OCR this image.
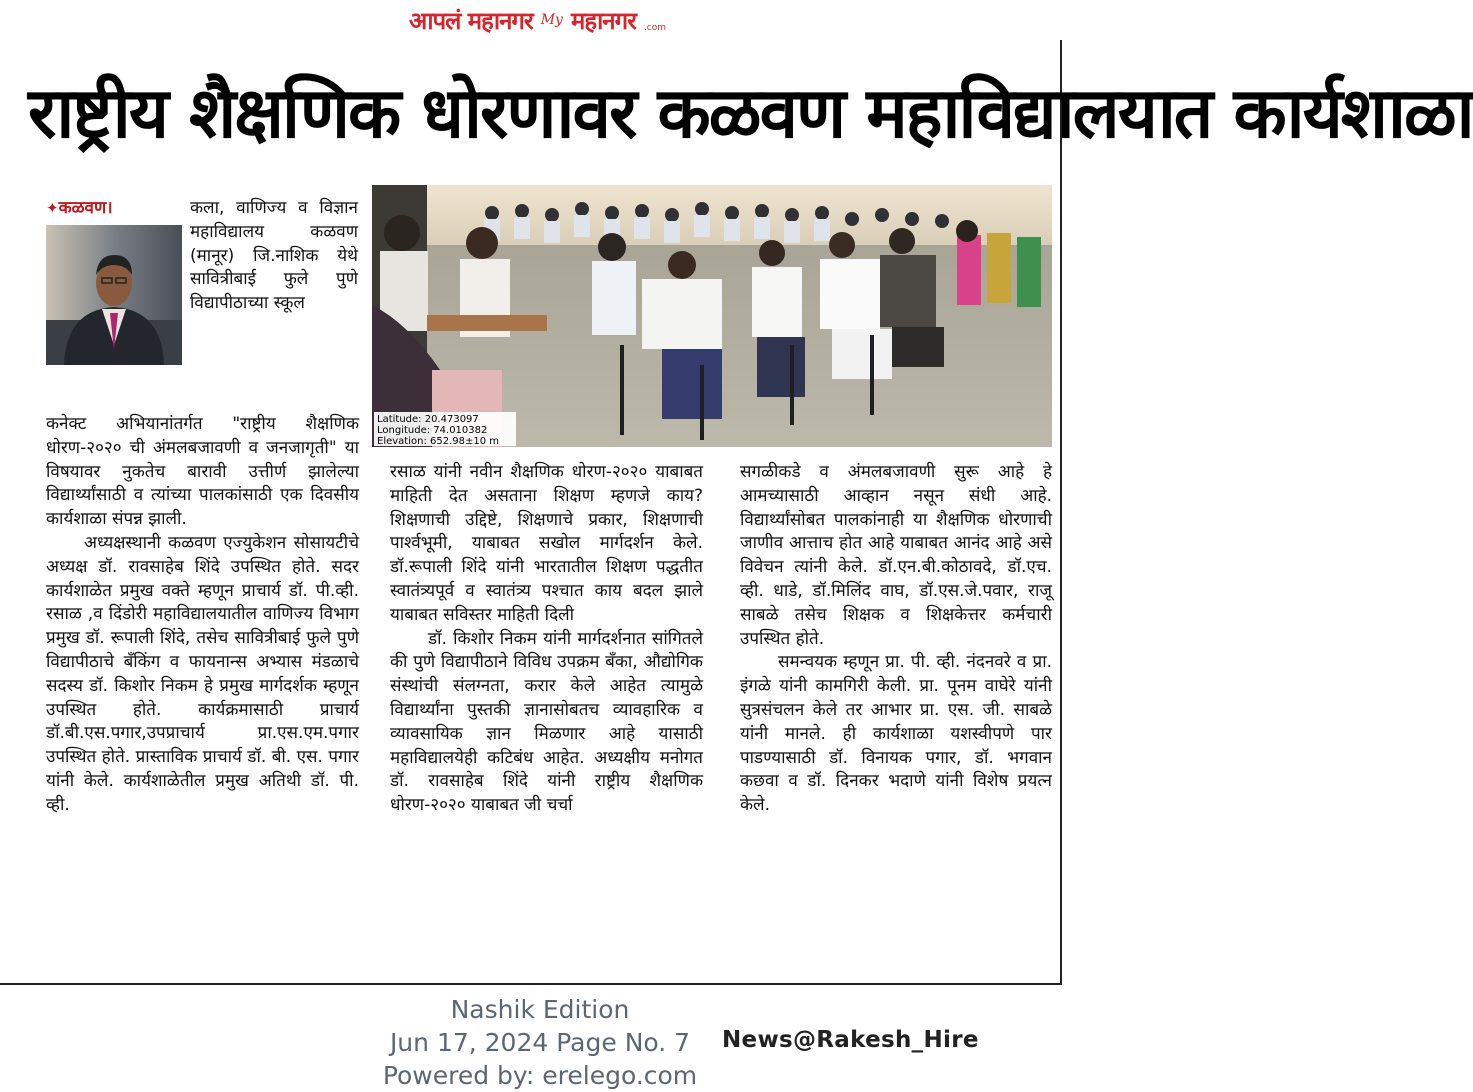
आपलं महानगर My महानगर .com
राष्ट्रीय शैक्षणिक धोरणावर कळवण महाविद्यालयात कार्यशाळा

कला, वाणिज्य व विज्ञान महाविद्यालय कळवण (मानूर) जि.नाशिक येथे सावित्रीबाई फुले पुणे विद्यापीठाच्या स्कूल

✦कळवण।

कनेक्ट अभियानांतर्गत "राष्ट्रीय शैक्षणिक धोरण-२०२० ची अंमलबजावणी व जनजागृती" या विषयावर नुकतेच बारावी उत्तीर्ण झालेल्या विद्यार्थ्यांसाठी व त्यांच्या पालकांसाठी एक दिवसीय कार्यशाळा संपन्न झाली.

अध्यक्षस्थानी कळवण एज्युकेशन सोसायटीचे अध्यक्ष डॉ. रावसाहेब शिंदे उपस्थित होते. सदर कार्यशाळेत प्रमुख वक्ते म्हणून प्राचार्य डॉ. पी.व्ही. रसाळ ,व दिंडोरी महाविद्यालयातील वाणिज्य विभाग प्रमुख डॉ. रूपाली शिंदे, तसेच सावित्रीबाई फुले पुणे विद्यापीठाचे बँकिंग व फायनान्स अभ्यास मंडळाचे सदस्य डॉ. किशोर निकम हे प्रमुख मार्गदर्शक म्हणून उपस्थित होते. कार्यक्रमासाठी प्राचार्य डॉ.बी.एस.पगार,उपप्राचार्य प्रा.एस.एम.पगार उपस्थित होते. प्रास्ताविक प्राचार्य डॉ. बी. एस. पगार यांनी केले. कार्यशाळेतील प्रमुख अतिथी डॉ. पी. व्ही.

Latitude: 20.473097
Longitude: 74.010382
Elevation: 652.98±10 m

रसाळ यांनी नवीन शैक्षणिक धोरण-२०२० याबाबत माहिती देत असताना शिक्षण म्हणजे काय? शिक्षणाची उद्दिष्टे, शिक्षणाचे प्रकार, शिक्षणाची पार्श्वभूमी, याबाबत सखोल मार्गदर्शन केले. डॉ.रूपाली शिंदे यांनी भारतातील शिक्षण पद्धतीत स्वातंत्र्यपूर्व व स्वातंत्र्य पश्चात काय बदल झाले याबाबत सविस्तर माहिती दिली

डॉ. किशोर निकम यांनी मार्गदर्शनात सांगितले की पुणे विद्यापीठाने विविध उपक्रम बँका, औद्योगिक संस्थांची संलग्नता, करार केले आहेत त्यामुळे विद्यार्थ्यांना पुस्तकी ज्ञानासोबतच व्यावहारिक व व्यावसायिक ज्ञान मिळणार आहे यासाठी महाविद्यालयेही कटिबंध आहेत. अध्यक्षीय मनोगत डॉ. रावसाहेब शिंदे यांनी राष्ट्रीय शैक्षणिक धोरण-२०२० याबाबत जी चर्चा

सगळीकडे व अंमलबजावणी सुरू आहे हे आमच्यासाठी आव्हान नसून संधी आहे. विद्यार्थ्यांसोबत पालकांनाही या शैक्षणिक धोरणाची जाणीव आत्ताच होत आहे याबाबत आनंद आहे असे विवेचन त्यांनी केले. डॉ.एन.बी.कोठावदे, डॉ.एच. व्ही. धाडे, डॉ.मिलिंद वाघ, डॉ.एस.जे.पवार, राजू साबळे तसेच शिक्षक व शिक्षकेत्तर कर्मचारी उपस्थित होते.

समन्वयक म्हणून प्रा. पी. व्ही. नंदनवरे व प्रा. इंगळे यांनी कामगिरी केली. प्रा. पूनम वाघेरे यांनी सुत्रसंचलन केले तर आभार प्रा. एस. जी. साबळे यांनी मानले. ही कार्यशाळा यशस्वीपणे पार पाडण्यासाठी डॉ. विनायक पगार, डॉ. भगवान कछवा व डॉ. दिनकर भदाणे यांनी विशेष प्रयत्न केले.

Nashik Edition
Jun 17, 2024 Page No. 7
Powered by: erelego.com
News@Rakesh_Hire
